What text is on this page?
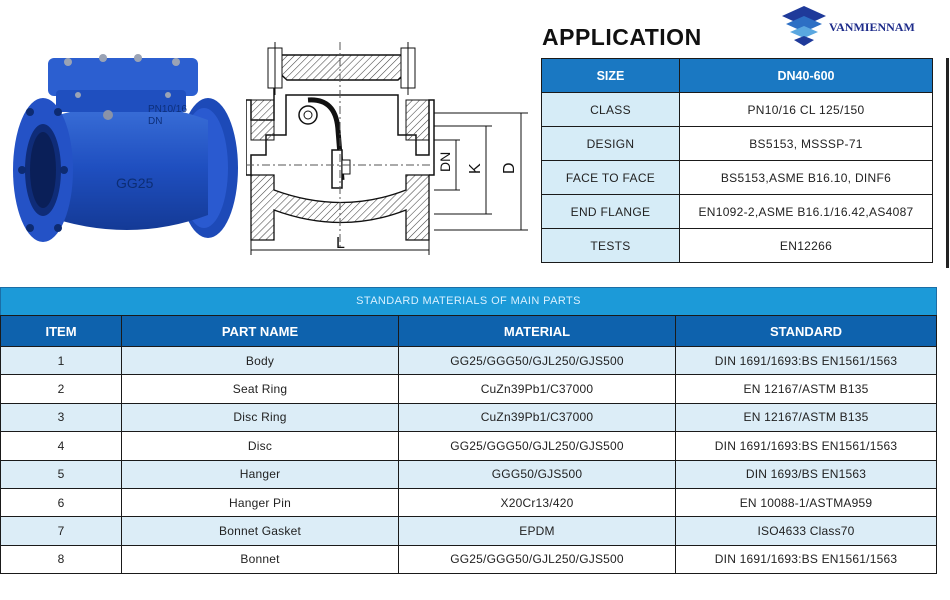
PN10/16
DN
GG25
DN K D
L
APPLICATION	VANMIENNAM
SIZE	DN40-600
CLASS	PN10/16 CL 125/150
DESIGN	BS5153, MSSSP-71
FACE TO FACE	BS5153,ASME B16.10, DINF6
END FLANGE	EN1092-2,ASME B16.1/16.42,AS4087
TESTS	EN12266
STANDARD MATERIALS OF MAIN PARTS
ITEM	PART NAME	MATERIAL	STANDARD
1	Body	GG25/GGG50/GJL250/GJS500	DIN 1691/1693:BS EN1561/1563
2	Seat Ring	CuZn39Pb1/C37000	EN 12167/ASTM B135
3	Disc Ring	CuZn39Pb1/C37000	EN 12167/ASTM B135
4	Disc	GG25/GGG50/GJL250/GJS500	DIN 1691/1693:BS EN1561/1563
5	Hanger	GGG50/GJS500	DIN 1693/BS EN1563
6	Hanger Pin	X20Cr13/420	EN 10088-1/ASTMA959
7	Bonnet Gasket	EPDM	ISO4633 Class70
8	Bonnet	GG25/GGG50/GJL250/GJS500	DIN 1691/1693:BS EN1561/1563
